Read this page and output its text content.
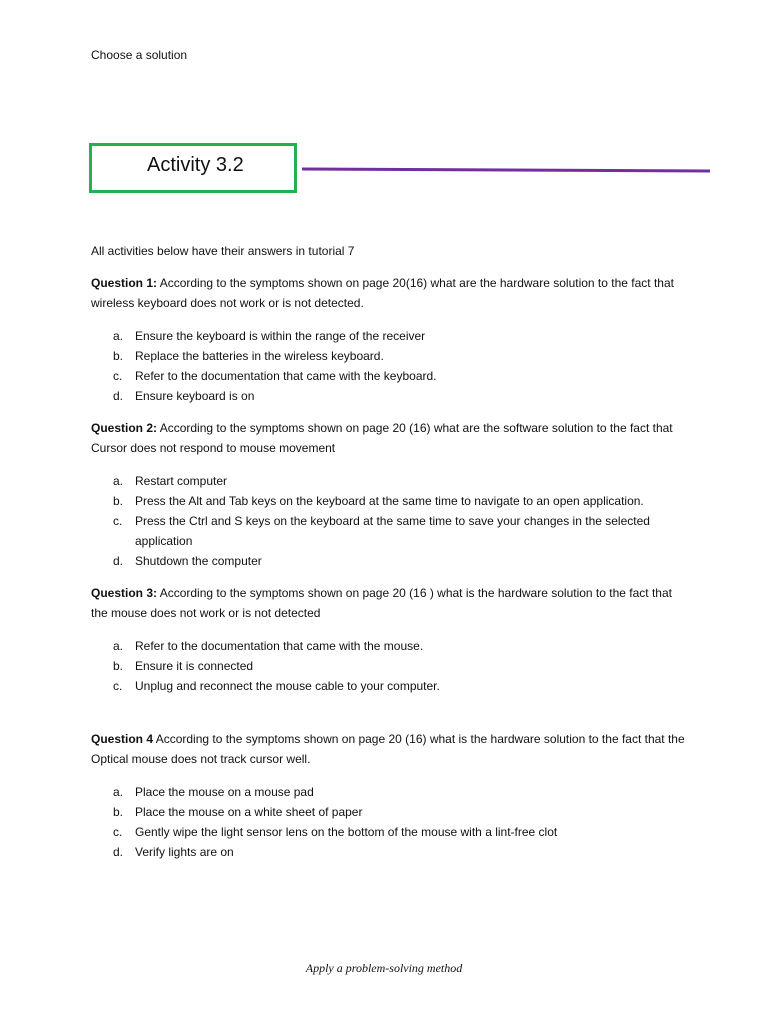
Choose a solution
Activity 3.2

All activities below have their answers in tutorial 7

Question 1: According to the symptoms shown on page 20(16) what are the hardware solution to the fact that wireless keyboard does not work or is not detected.

a. Ensure the keyboard is within the range of the receiver
b. Replace the batteries in the wireless keyboard.
c. Refer to the documentation that came with the keyboard.
d. Ensure keyboard is on

Question 2: According to the symptoms shown on page 20 (16) what are the software solution to the fact that Cursor does not respond to mouse movement

a. Restart computer
b. Press the Alt and Tab keys on the keyboard at the same time to navigate to an open application.
c. Press the Ctrl and S keys on the keyboard at the same time to save your changes in the selected application
d. Shutdown the computer

Question 3: According to the symptoms shown on page 20 (16 ) what is the hardware solution to the fact that the mouse does not work or is not detected

a. Refer to the documentation that came with the mouse.
b. Ensure it is connected
c. Unplug and reconnect the mouse cable to your computer.

Question 4 According to the symptoms shown on page 20 (16) what is the hardware solution to the fact that the Optical mouse does not track cursor well.

a. Place the mouse on a mouse pad
b. Place the mouse on a white sheet of paper
c. Gently wipe the light sensor lens on the bottom of the mouse with a lint-free clot
d. Verify lights are on
Apply a problem-solving method
